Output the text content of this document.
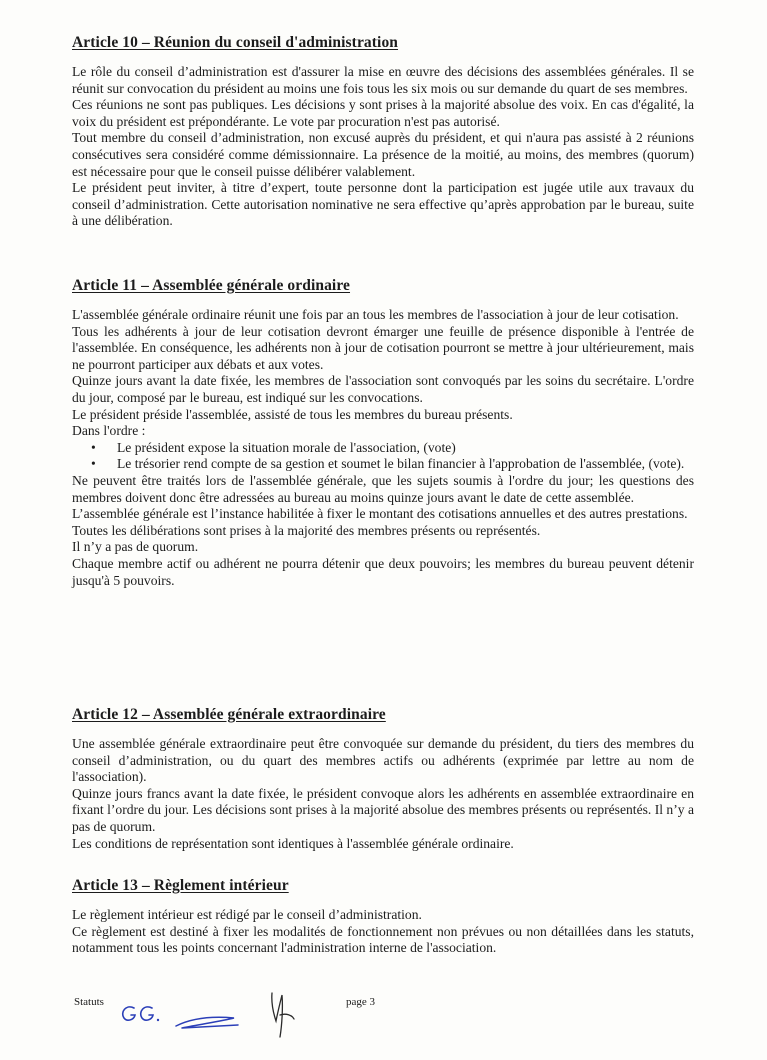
Article 10 – Réunion du conseil d'administration

Le rôle du conseil d’administration est d'assurer la mise en œuvre des décisions des assemblées générales. Il se réunit sur convocation du président au moins une fois tous les six mois ou sur demande du quart de ses membres.

Ces réunions ne sont pas publiques. Les décisions y sont prises à la majorité absolue des voix. En cas d'égalité, la voix du président est prépondérante. Le vote par procuration n'est pas autorisé.

Tout membre du conseil d’administration, non excusé auprès du président, et qui n'aura pas assisté à 2 réunions consécutives sera considéré comme démissionnaire. La présence de la moitié, au moins, des membres (quorum) est nécessaire pour que le conseil puisse délibérer valablement.

Le président peut inviter, à titre d’expert, toute personne dont la participation est jugée utile aux travaux du conseil d’administration. Cette autorisation nominative ne sera effective qu’après approbation par le bureau, suite à une délibération.

Article 11 – Assemblée générale ordinaire

L'assemblée générale ordinaire réunit une fois par an tous les membres de l'association à jour de leur cotisation.

Tous les adhérents à jour de leur cotisation devront émarger une feuille de présence disponible à l'entrée de l'assemblée. En conséquence, les adhérents non à jour de cotisation pourront se mettre à jour ultérieurement, mais ne pourront participer aux débats et aux votes.

Quinze jours avant la date fixée, les membres de l'association sont convoqués par les soins du secrétaire. L'ordre du jour, composé par le bureau, est indiqué sur les convocations.

Le président préside l'assemblée, assisté de tous les membres du bureau présents.

Dans l'ordre :

• Le président expose la situation morale de l'association, (vote)
• Le trésorier rend compte de sa gestion et soumet le bilan financier à l'approbation de l'assemblée, (vote).

Ne peuvent être traités lors de l'assemblée générale, que les sujets soumis à l'ordre du jour; les questions des membres doivent donc être adressées au bureau au moins quinze jours avant le date de cette assemblée.

L’assemblée générale est l’instance habilitée à fixer le montant des cotisations annuelles et des autres prestations.

Toutes les délibérations sont prises à la majorité des membres présents ou représentés.

Il n’y a pas de quorum.

Chaque membre actif ou adhérent ne pourra détenir que deux pouvoirs; les membres du bureau peuvent détenir jusqu'à 5 pouvoirs.

Article 12 – Assemblée générale extraordinaire

Une assemblée générale extraordinaire peut être convoquée sur demande du président, du tiers des membres du conseil d’administration, ou du quart des membres actifs ou adhérents (exprimée par lettre au nom de l'association).

Quinze jours francs avant la date fixée, le président convoque alors les adhérents en assemblée extraordinaire en fixant l’ordre du jour. Les décisions sont prises à la majorité absolue des membres présents ou représentés. Il n’y a pas de quorum.

Les conditions de représentation sont identiques à l'assemblée générale ordinaire.

Article 13 – Règlement intérieur

Le règlement intérieur est rédigé par le conseil d’administration.

Ce règlement est destiné à fixer les modalités de fonctionnement non prévues ou non détaillées dans les statuts, notamment tous les points concernant l'administration interne de l'association.

Statuts	page 3
